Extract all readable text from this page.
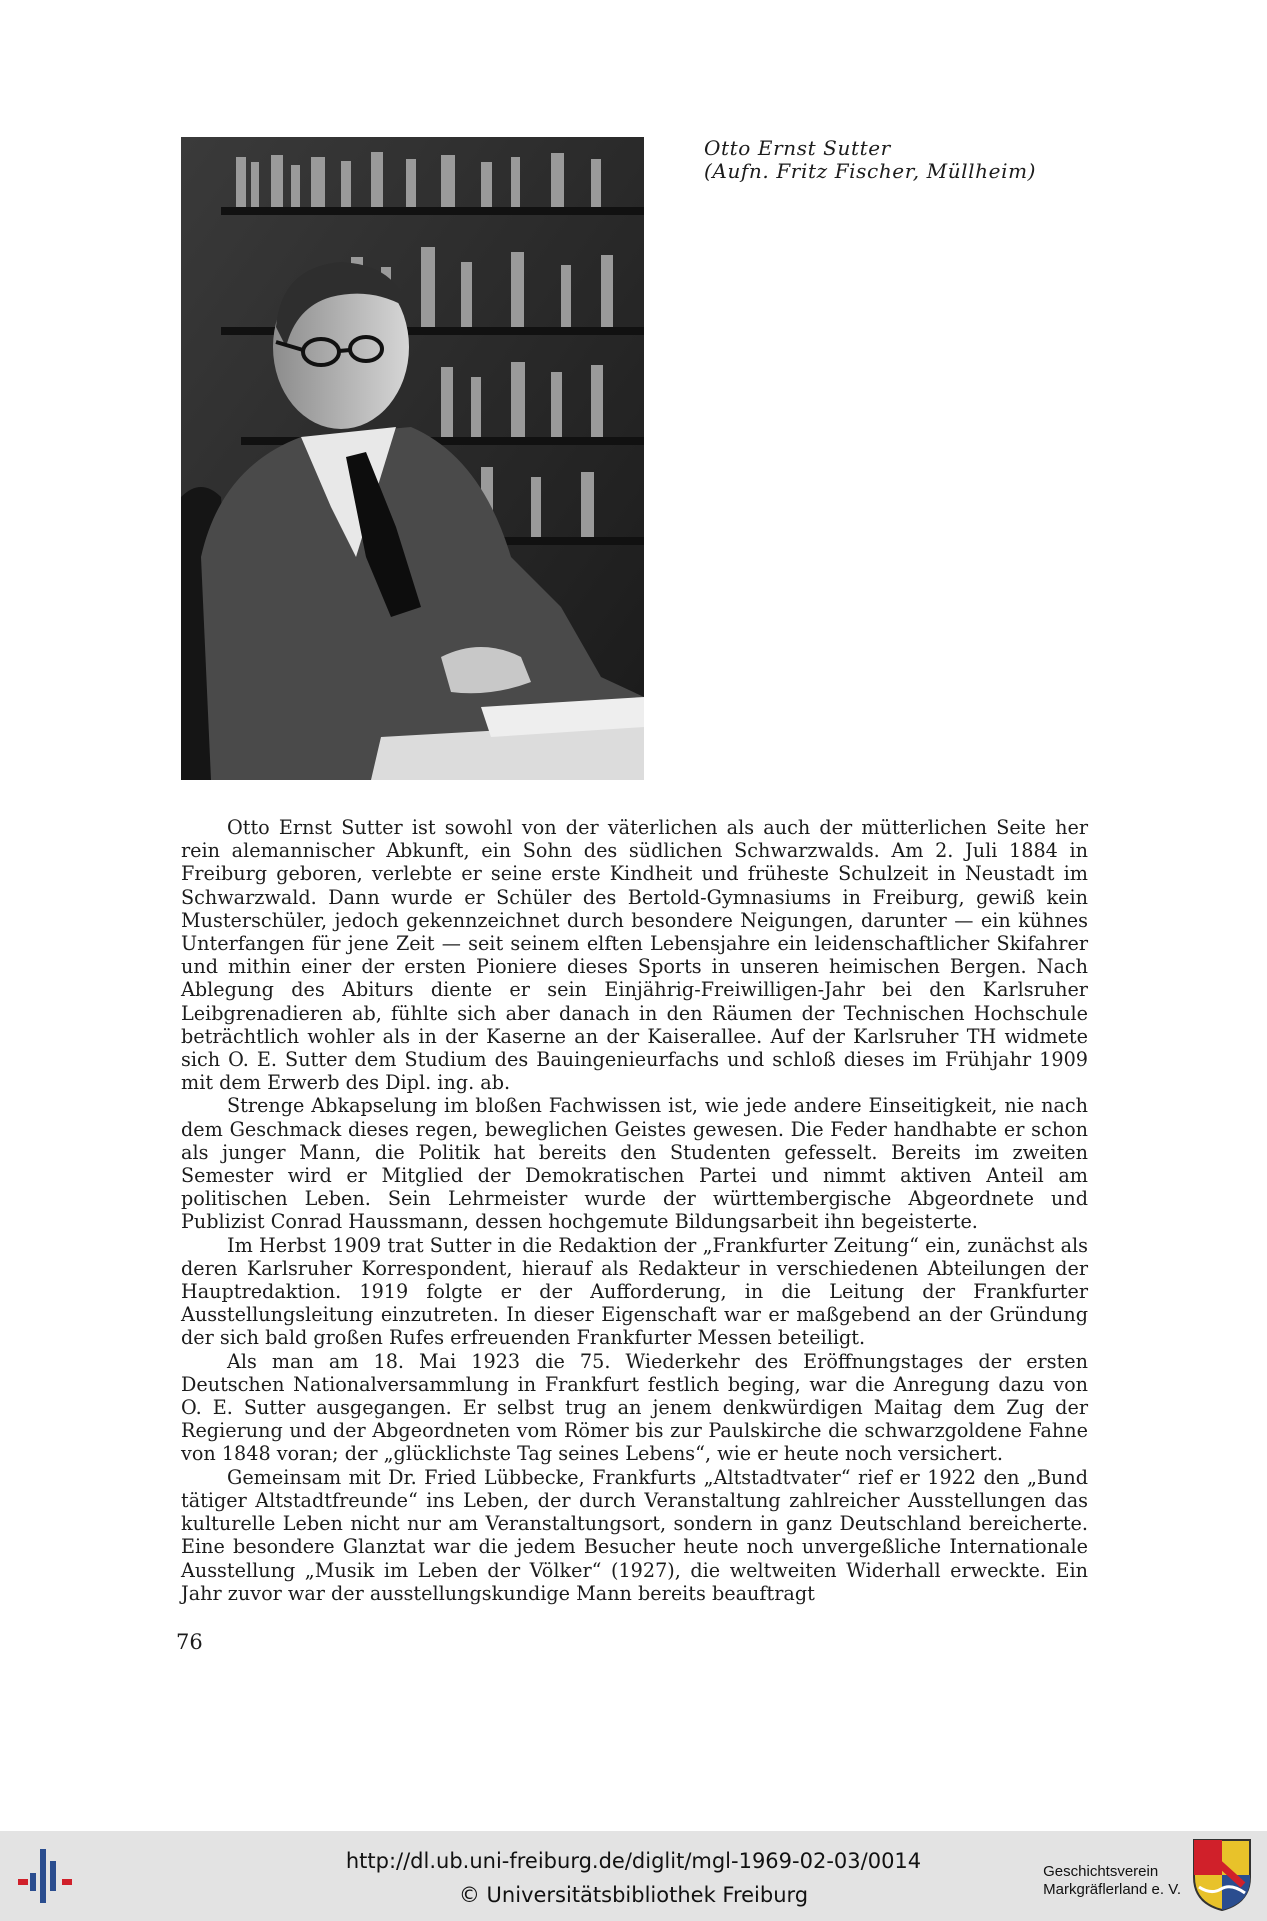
Otto Ernst Sutter
(Aufn. Fritz Fischer, Müllheim)

Otto Ernst Sutter ist sowohl von der väterlichen als auch der mütterlichen Seite her rein alemannischer Abkunft, ein Sohn des südlichen Schwarzwalds. Am 2. Juli 1884 in Freiburg geboren, verlebte er seine erste Kindheit und früheste Schulzeit in Neustadt im Schwarzwald. Dann wurde er Schüler des Bertold-Gymnasiums in Freiburg, gewiß kein Musterschüler, jedoch gekennzeichnet durch besondere Neigungen, darunter — ein kühnes Unterfangen für jene Zeit — seit seinem elften Lebensjahre ein leidenschaftlicher Skifahrer und mithin einer der ersten Pioniere dieses Sports in unseren heimischen Bergen. Nach Ablegung des Abiturs diente er sein Einjährig-Freiwilligen-Jahr bei den Karlsruher Leibgrenadieren ab, fühlte sich aber danach in den Räumen der Technischen Hochschule beträchtlich wohler als in der Kaserne an der Kaiserallee. Auf der Karlsruher TH widmete sich O. E. Sutter dem Studium des Bauingenieurfachs und schloß dieses im Frühjahr 1909 mit dem Erwerb des Dipl. ing. ab.

Strenge Abkapselung im bloßen Fachwissen ist, wie jede andere Einseitigkeit, nie nach dem Geschmack dieses regen, beweglichen Geistes gewesen. Die Feder handhabte er schon als junger Mann, die Politik hat bereits den Studenten gefesselt. Bereits im zweiten Semester wird er Mitglied der Demokratischen Partei und nimmt aktiven Anteil am politischen Leben. Sein Lehrmeister wurde der württembergische Abgeordnete und Publizist Conrad Haussmann, dessen hochgemute Bildungsarbeit ihn begeisterte.

Im Herbst 1909 trat Sutter in die Redaktion der „Frankfurter Zeitung“ ein, zunächst als deren Karlsruher Korrespondent, hierauf als Redakteur in verschiedenen Abteilungen der Hauptredaktion. 1919 folgte er der Aufforderung, in die Leitung der Frankfurter Ausstellungsleitung einzutreten. In dieser Eigenschaft war er maßgebend an der Gründung der sich bald großen Rufes erfreuenden Frankfurter Messen beteiligt.

Als man am 18. Mai 1923 die 75. Wiederkehr des Eröffnungstages der ersten Deutschen Nationalversammlung in Frankfurt festlich beging, war die Anregung dazu von O. E. Sutter ausgegangen. Er selbst trug an jenem denkwürdigen Maitag dem Zug der Regierung und der Abgeordneten vom Römer bis zur Paulskirche die schwarzgoldene Fahne von 1848 voran; der „glücklichste Tag seines Lebens“, wie er heute noch versichert.

Gemeinsam mit Dr. Fried Lübbecke, Frankfurts „Altstadtvater“ rief er 1922 den „Bund tätiger Altstadtfreunde“ ins Leben, der durch Veranstaltung zahlreicher Ausstellungen das kulturelle Leben nicht nur am Veranstaltungsort, sondern in ganz Deutschland bereicherte. Eine besondere Glanztat war die jedem Besucher heute noch unvergeßliche Internationale Ausstellung „Musik im Leben der Völker“ (1927), die weltweiten Widerhall erweckte. Ein Jahr zuvor war der ausstellungskundige Mann bereits beauftragt

76
http://dl.ub.uni-freiburg.de/diglit/mgl-1969-02-03/0014
© Universitätsbibliothek Freiburg
Geschichtsverein
Markgräflerland e. V.
